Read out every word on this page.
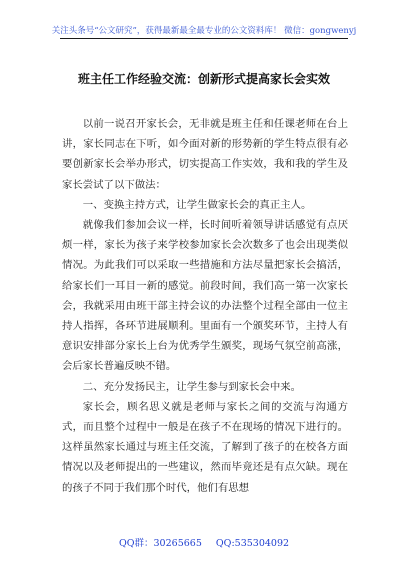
关注头条号“公文研究”，获得最新最全最专业的公文资料库！ 微信：gongwenyj
班主任工作经验交流：创新形式提高家长会实效

以前一说召开家长会，无非就是班主任和任课老师在台上讲，家长同志在下听，如今面对新的形势新的学生特点很有必要创新家长会举办形式，切实提高工作实效，我和我的学生及家长尝试了以下做法：

一、变换主持方式，让学生做家长会的真正主人。

就像我们参加会议一样，长时间听着领导讲话感觉有点厌烦一样，家长为孩子来学校参加家长会次数多了也会出现类似情况。为此我们可以采取一些措施和方法尽量把家长会搞活，给家长们一耳目一新的感觉。前段时间，我们高一第一次家长会，我就采用由班干部主持会议的办法整个过程全部由一位主持人指挥，各环节进展顺利。里面有一个颁奖环节，主持人有意识安排部分家长上台为优秀学生颁奖，现场气氛空前高涨，会后家长普遍反映不错。

二、充分发扬民主，让学生参与到家长会中来。

家长会，顾名思义就是老师与家长之间的交流与沟通方式，而且整个过程中一般是在孩子不在现场的情况下进行的。这样虽然家长通过与班主任交流，了解到了孩子的在校各方面情况以及老师提出的一些建议，然而毕竟还是有点欠缺。现在的孩子不同于我们那个时代，他们有思想

QQ群：30265665 QQ:535304092
